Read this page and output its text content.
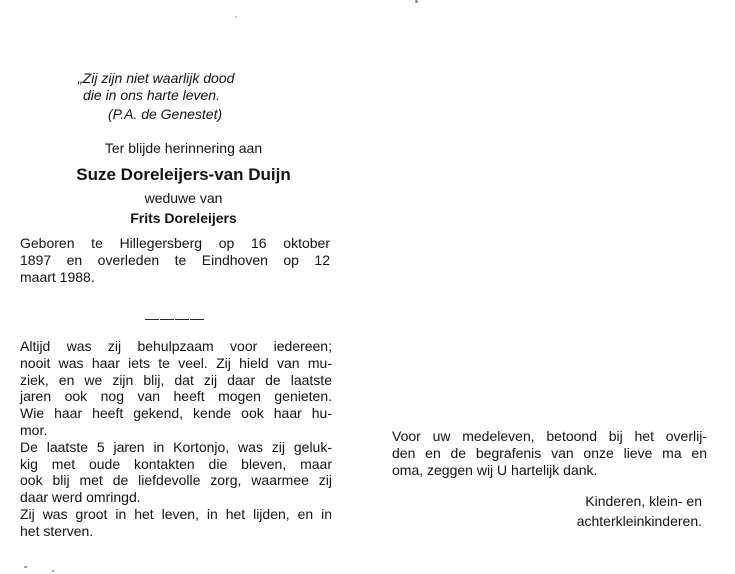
„Zij zijn niet waarlijk dood
die in ons harte leven.
(P.A. de Genestet)
Ter blijde herinnering aan
Suze Doreleijers-van Duijn
weduwe van
Frits Doreleijers
Geboren te Hillegersberg op 16 oktober
1897 en overleden te Eindhoven op 12
maart 1988.
————
Altijd was zij behulpzaam voor iedereen;
nooit was haar iets te veel. Zij hield van mu-
ziek, en we zijn blij, dat zij daar de laatste
jaren ook nog van heeft mogen genieten.
Wie haar heeft gekend, kende ook haar hu-
mor.
De laatste 5 jaren in Kortonjo, was zij geluk-
kig met oude kontakten die bleven, maar
ook blij met de liefdevolle zorg, waarmee zij
daar werd omringd.
Zij was groot in het leven, in het lijden, en in
het sterven.
Voor uw medeleven, betoond bij het overlij-
den en de begrafenis van onze lieve ma en
oma, zeggen wij U hartelijk dank.
Kinderen, klein- en
achterkleinkinderen.
